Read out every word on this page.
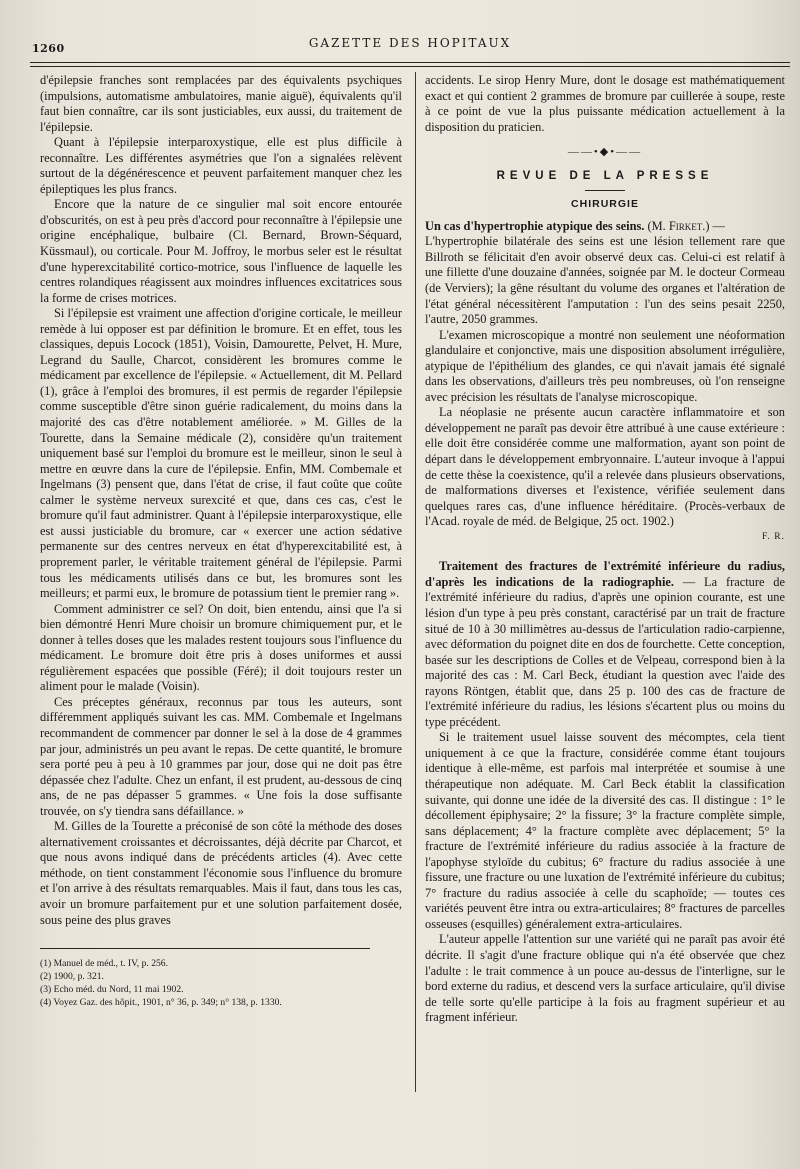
1260	GAZETTE DES HOPITAUX

d'épilepsie franches sont remplacées par des équivalents psychiques (impulsions, automatisme ambulatoires, manie aiguë), équivalents qu'il faut bien connaître, car ils sont justiciables, eux aussi, du traitement de l'épilepsie.

Quant à l'épilepsie interparoxystique, elle est plus difficile à reconnaître. Les différentes asymétries que l'on a signalées relèvent surtout de la dégénérescence et peuvent parfaitement manquer chez les épileptiques les plus francs.

Encore que la nature de ce singulier mal soit encore entourée d'obscurités, on est à peu près d'accord pour reconnaître à l'épilepsie une origine encéphalique, bulbaire (Cl. Bernard, Brown-Séquard, Küssmaul), ou corticale. Pour M. Joffroy, le morbus seler est le résultat d'une hyperexcitabilité cortico-motrice, sous l'influence de laquelle les centres rolandiques réagissent aux moindres influences excitatrices sous la forme de crises motrices.

Si l'épilepsie est vraiment une affection d'origine corticale, le meilleur remède à lui opposer est par définition le bromure. Et en effet, tous les classiques, depuis Locock (1851), Voisin, Damourette, Pelvet, H. Mure, Legrand du Saulle, Charcot, considèrent les bromures comme le médicament par excellence de l'épilepsie. « Actuellement, dit M. Pellard (1), grâce à l'emploi des bromures, il est permis de regarder l'épilepsie comme susceptible d'être sinon guérie radicalement, du moins dans la majorité des cas d'être notablement améliorée. » M. Gilles de la Tourette, dans la Semaine médicale (2), considère qu'un traitement uniquement basé sur l'emploi du bromure est le meilleur, sinon le seul à mettre en œuvre dans la cure de l'épilepsie. Enfin, MM. Combemale et Ingelmans (3) pensent que, dans l'état de crise, il faut coûte que coûte calmer le système nerveux surexcité et que, dans ces cas, c'est le bromure qu'il faut administrer. Quant à l'épilepsie interparoxystique, elle est aussi justiciable du bromure, car « exercer une action sédative permanente sur des centres nerveux en état d'hyperexcitabilité est, à proprement parler, le véritable traitement général de l'épilepsie. Parmi tous les médicaments utilisés dans ce but, les bromures sont les meilleurs; et parmi eux, le bromure de potassium tient le premier rang ».

Comment administrer ce sel? On doit, bien entendu, ainsi que l'a si bien démontré Henri Mure choisir un bromure chimiquement pur, et le donner à telles doses que les malades restent toujours sous l'influence du médicament. Le bromure doit être pris à doses uniformes et aussi régulièrement espacées que possible (Féré); il doit toujours rester un aliment pour le malade (Voisin).

Ces préceptes généraux, reconnus par tous les auteurs, sont différemment appliqués suivant les cas. MM. Combemale et Ingelmans recommandent de commencer par donner le sel à la dose de 4 grammes par jour, administrés un peu avant le repas. De cette quantité, le bromure sera porté peu à peu à 10 grammes par jour, dose qui ne doit pas être dépassée chez l'adulte. Chez un enfant, il est prudent, au-dessous de cinq ans, de ne pas dépasser 5 grammes. « Une fois la dose suffisante trouvée, on s'y tiendra sans défaillance. »

M. Gilles de la Tourette a préconisé de son côté la méthode des doses alternativement croissantes et décroissantes, déjà décrite par Charcot, et que nous avons indiqué dans de précédents articles (4). Avec cette méthode, on tient constamment l'économie sous l'influence du bromure et l'on arrive à des résultats remarquables. Mais il faut, dans tous les cas, avoir un bromure parfaitement pur et une solution parfaitement dosée, sous peine des plus graves

(1) Manuel de méd., t. IV, p. 256.
(2) 1900, p. 321.
(3) Echo méd. du Nord, 11 mai 1902.
(4) Voyez Gaz. des hôpit., 1901, n° 36, p. 349; n° 138, p. 1330.

accidents. Le sirop Henry Mure, dont le dosage est mathématiquement exact et qui contient 2 grammes de bromure par cuillerée à soupe, reste à ce point de vue la plus puissante médication actuellement à la disposition du praticien.

——•◆•——
REVUE DE LA PRESSE
CHIRURGIE

Un cas d'hypertrophie atypique des seins. (M. Firket.) —

L'hypertrophie bilatérale des seins est une lésion tellement rare que Billroth se félicitait d'en avoir observé deux cas. Celui-ci est relatif à une fillette d'une douzaine d'années, soignée par M. le docteur Cormeau (de Verviers); la gêne résultant du volume des organes et l'altération de l'état général nécessitèrent l'amputation : l'un des seins pesait 2250, l'autre, 2050 grammes.

L'examen microscopique a montré non seulement une néoformation glandulaire et conjonctive, mais une disposition absolument irrégulière, atypique de l'épithélium des glandes, ce qui n'avait jamais été signalé dans les observations, d'ailleurs très peu nombreuses, où l'on renseigne avec précision les résultats de l'analyse microscopique.

La néoplasie ne présente aucun caractère inflammatoire et son développement ne paraît pas devoir être attribué à une cause extérieure : elle doit être considérée comme une malformation, ayant son point de départ dans le développement embryonnaire. L'auteur invoque à l'appui de cette thèse la coexistence, qu'il a relevée dans plusieurs observations, de malformations diverses et l'existence, vérifiée seulement dans quelques rares cas, d'une influence héréditaire. (Procès-verbaux de l'Acad. royale de méd. de Belgique, 25 oct. 1902.)

F. R.

Traitement des fractures de l'extrémité inférieure du radius, d'après les indications de la radiographie. — La fracture de l'extrémité inférieure du radius, d'après une opinion courante, est une lésion d'un type à peu près constant, caractérisé par un trait de fracture situé de 10 à 30 millimètres au-dessus de l'articulation radio-carpienne, avec déformation du poignet dite en dos de fourchette. Cette conception, basée sur les descriptions de Colles et de Velpeau, correspond bien à la majorité des cas : M. Carl Beck, étudiant la question avec l'aide des rayons Röntgen, établit que, dans 25 p. 100 des cas de fracture de l'extrémité inférieure du radius, les lésions s'écartent plus ou moins du type précédent.

Si le traitement usuel laisse souvent des mécomptes, cela tient uniquement à ce que la fracture, considérée comme étant toujours identique à elle-même, est parfois mal interprétée et soumise à une thérapeutique non adéquate. M. Carl Beck établit la classification suivante, qui donne une idée de la diversité des cas. Il distingue : 1° le décollement épiphysaire; 2° la fissure; 3° la fracture complète simple, sans déplacement; 4° la fracture complète avec déplacement; 5° la fracture de l'extrémité inférieure du radius associée à la fracture de l'apophyse styloïde du cubitus; 6° fracture du radius associée à une fissure, une fracture ou une luxation de l'extrémité inférieure du cubitus; 7° fracture du radius associée à celle du scaphoïde; — toutes ces variétés peuvent être intra ou extra-articulaires; 8° fractures de parcelles osseuses (esquilles) généralement extra-articulaires.

L'auteur appelle l'attention sur une variété qui ne paraît pas avoir été décrite. Il s'agit d'une fracture oblique qui n'a été observée que chez l'adulte : le trait commence à un pouce au-dessus de l'interligne, sur le bord externe du radius, et descend vers la surface articulaire, qu'il divise de telle sorte qu'elle participe à la fois au fragment supérieur et au fragment inférieur.
